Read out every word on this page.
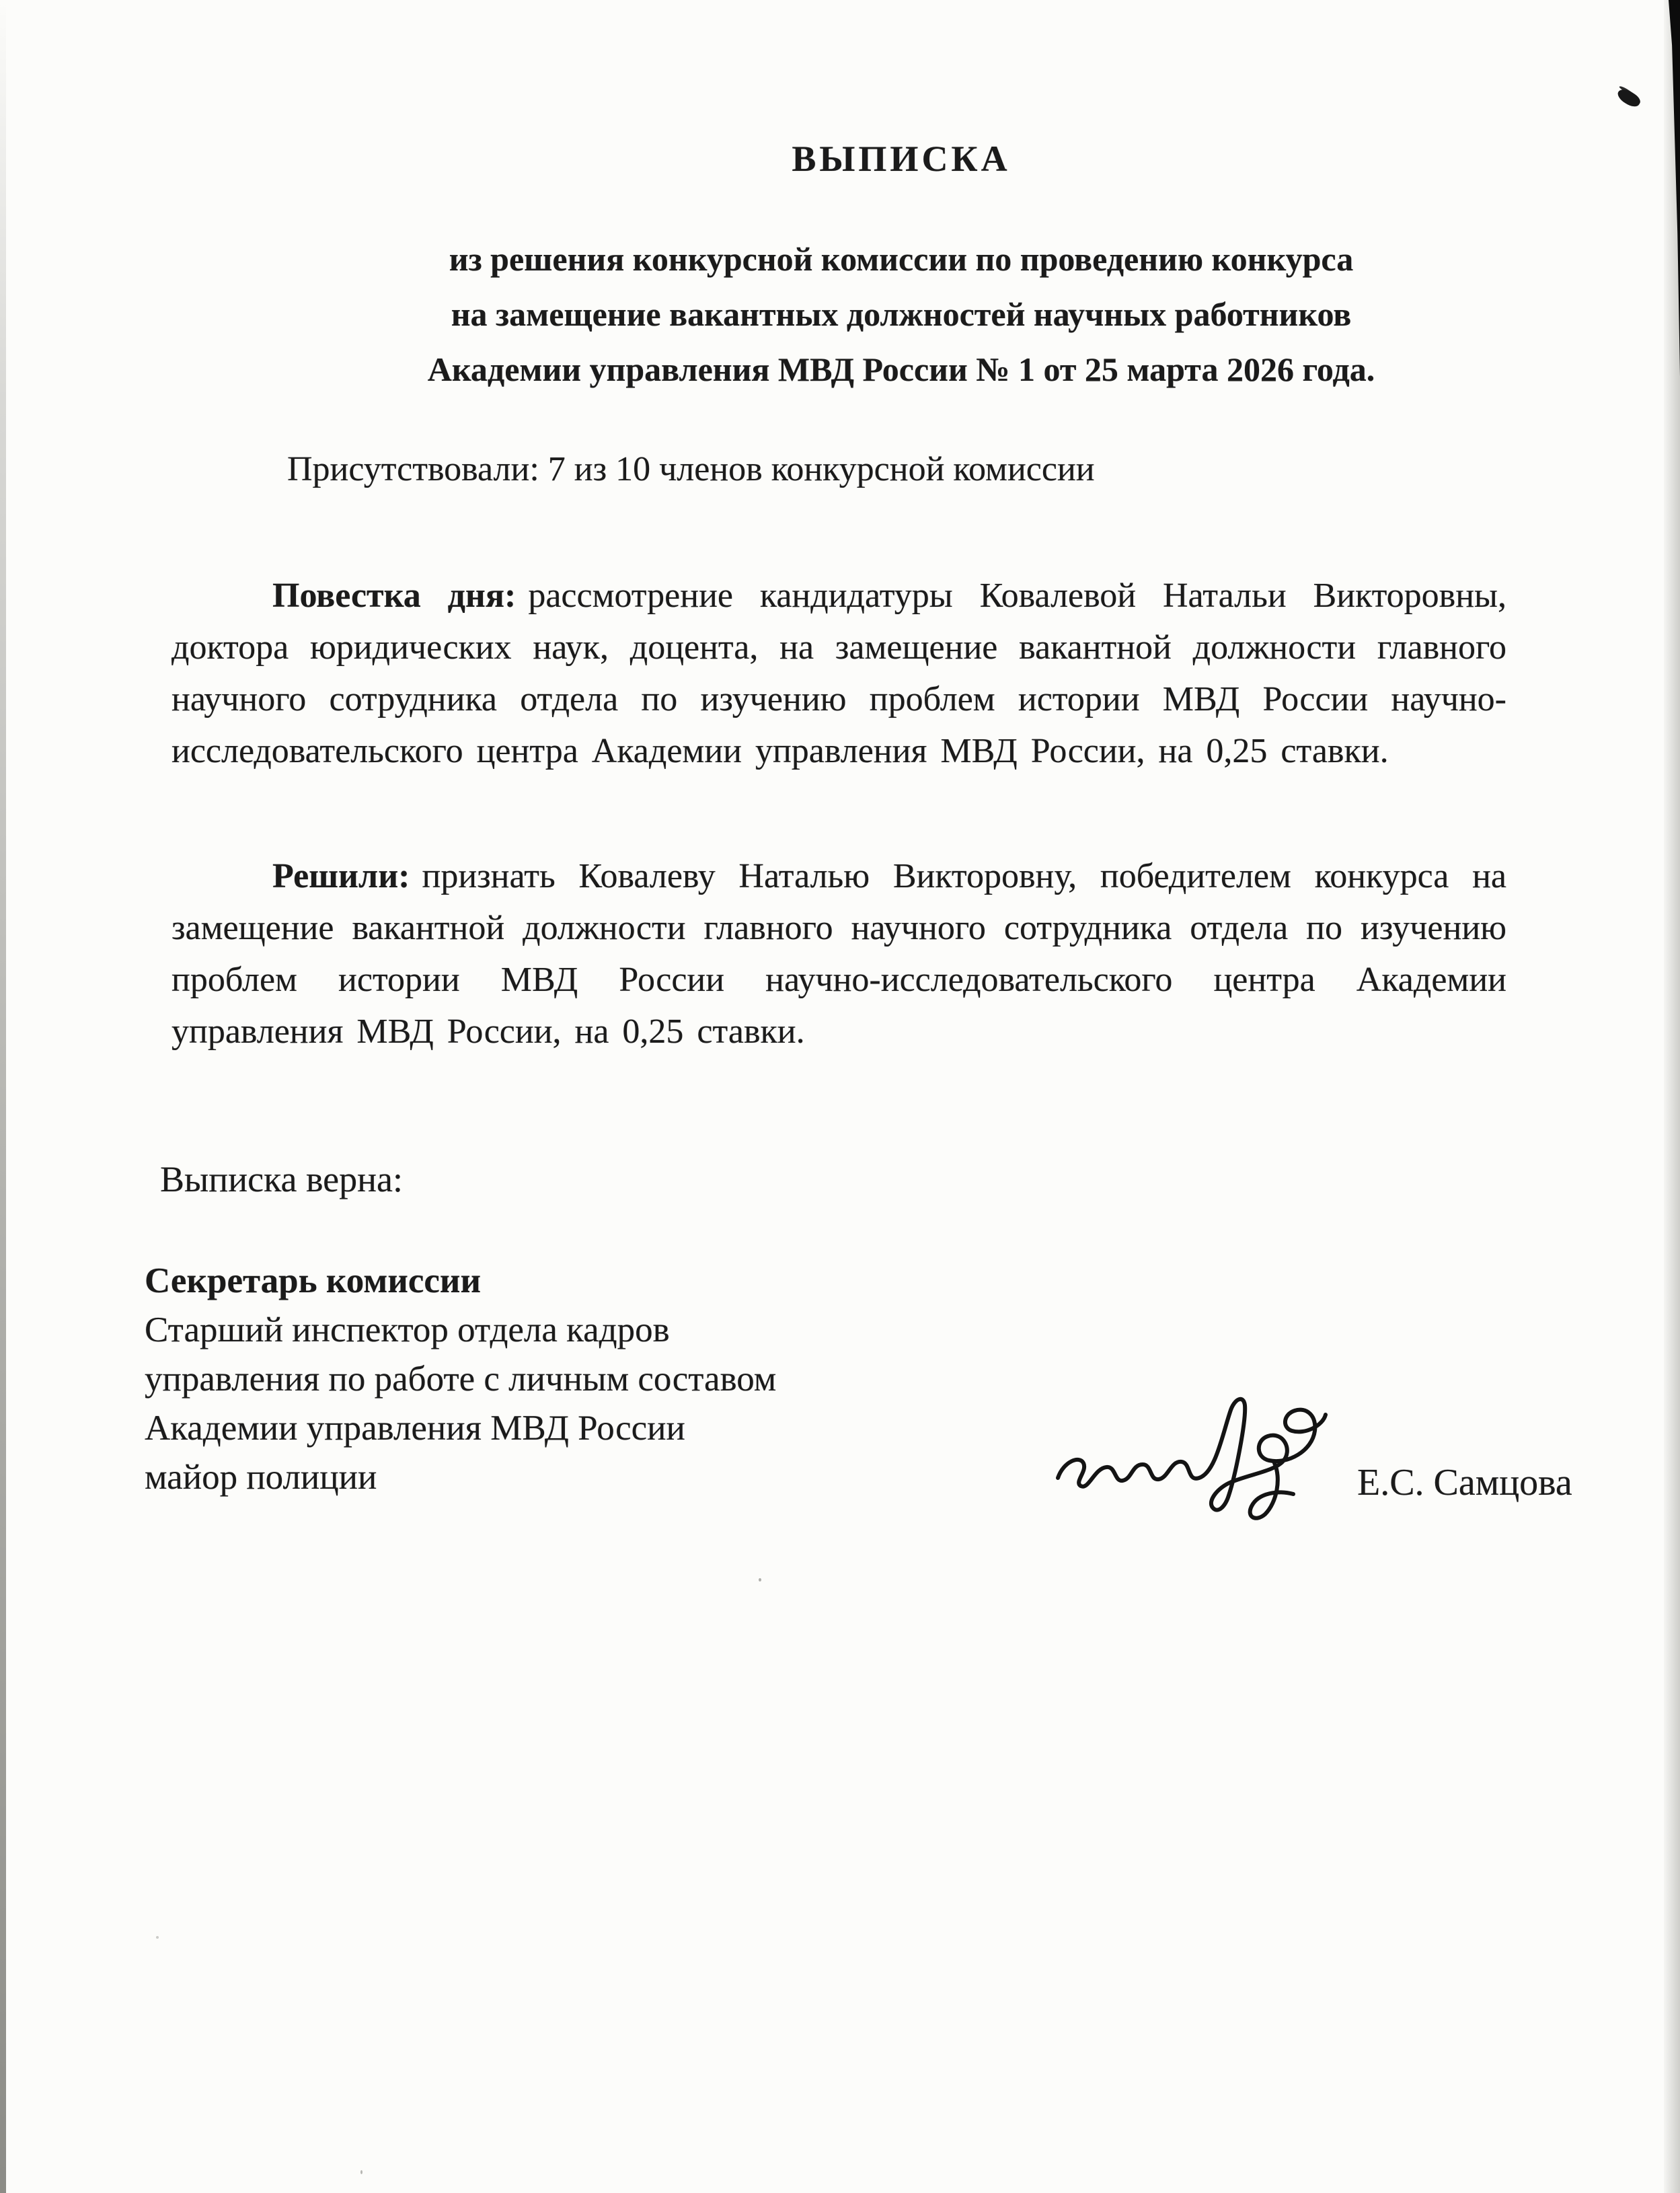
ВЫПИСКА
из решения конкурсной комиссии по проведению конкурса
на замещение вакантных должностей научных работников
Академии управления МВД России № 1 от 25 марта 2026 года.
Присутствовали: 7 из 10 членов конкурсной комиссии

Повестка дня: рассмотрение кандидатуры Ковалевой Натальи Викторовны, доктора юридических наук, доцента, на замещение вакантной должности главного научного сотрудника отдела по изучению проблем истории МВД России научно-исследовательского центра Академии управления МВД России, на 0,25 ставки.

Решили: признать Ковалеву Наталью Викторовну, победителем конкурса на замещение вакантной должности главного научного сотрудника отдела по изучению проблем истории МВД России научно-исследовательского центра Академии управления МВД России, на 0,25 ставки.

Выписка верна:
Секретарь комиссии
Старший инспектор отдела кадров
управления по работе с личным составом
Академии управления МВД России
майор полиции	Е.С. Самцова
